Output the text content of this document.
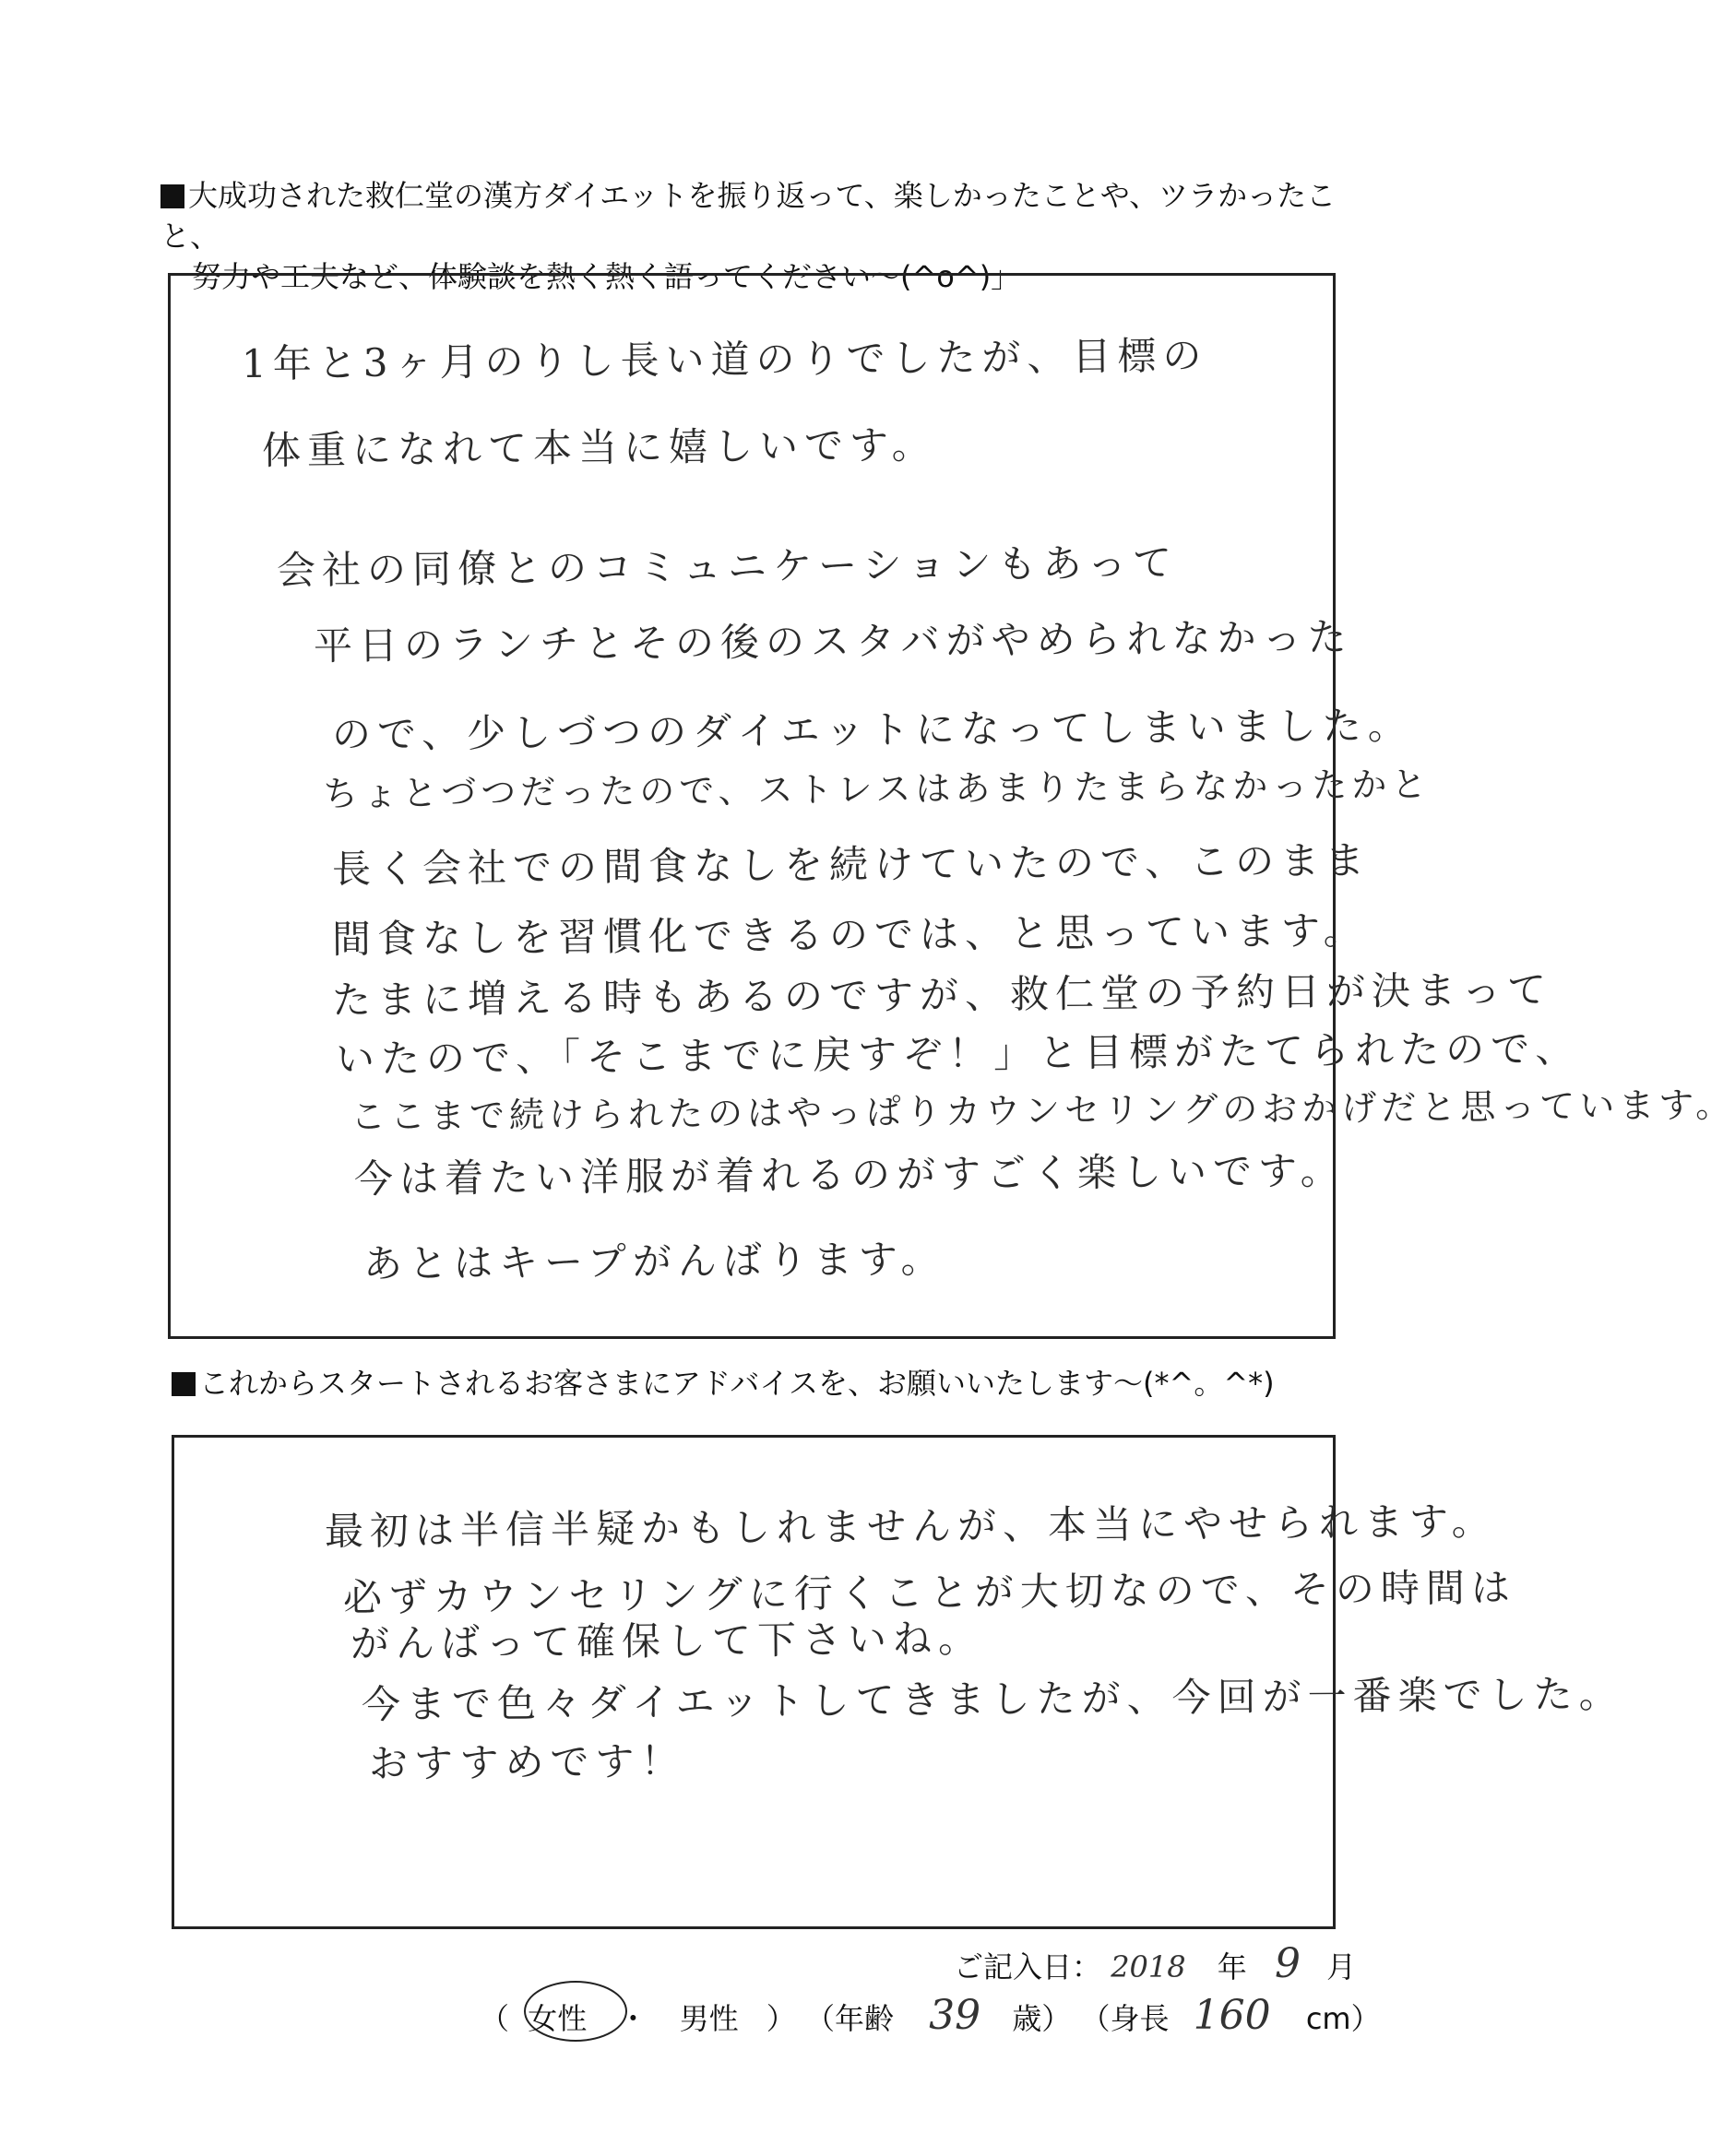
大成功された救仁堂の漢方ダイエットを振り返って、楽しかったことや、ツラかったこと、
努力や工夫など、体験談を熱く熱く語ってください～(^o^)」
1年と3ヶ月のりし長い道のりでしたが、目標の
体重になれて本当に嬉しいです。
会社の同僚とのコミュニケーションもあって
平日のランチとその後のスタバがやめられなかった
ので、少しづつのダイエットになってしまいました。
ちょとづつだったので、ストレスはあまりたまらなかったかと
長く会社での間食なしを続けていたので、このまま
間食なしを習慣化できるのでは、と思っています。
たまに増える時もあるのですが、救仁堂の予約日が決まって
いたので、「そこまでに戻すぞ！」と目標がたてられたので、
ここまで続けられたのはやっぱりカウンセリングのおかげだと思っています。
今は着たい洋服が着れるのがすごく楽しいです。
あとはキープがんばります。
これからスタートされるお客さまにアドバイスを、お願いいたします～(*^。^*)
最初は半信半疑かもしれませんが、本当にやせられます。
必ずカウンセリングに行くことが大切なので、その時間は
がんばって確保して下さいね。
今まで色々ダイエットしてきましたが、今回が一番楽でした。
おすすめです！
ご記入日： 2018 年 9 月
（ 女性 ・ 男性 ） （年齢 39 歳） （身長 160 cm）
